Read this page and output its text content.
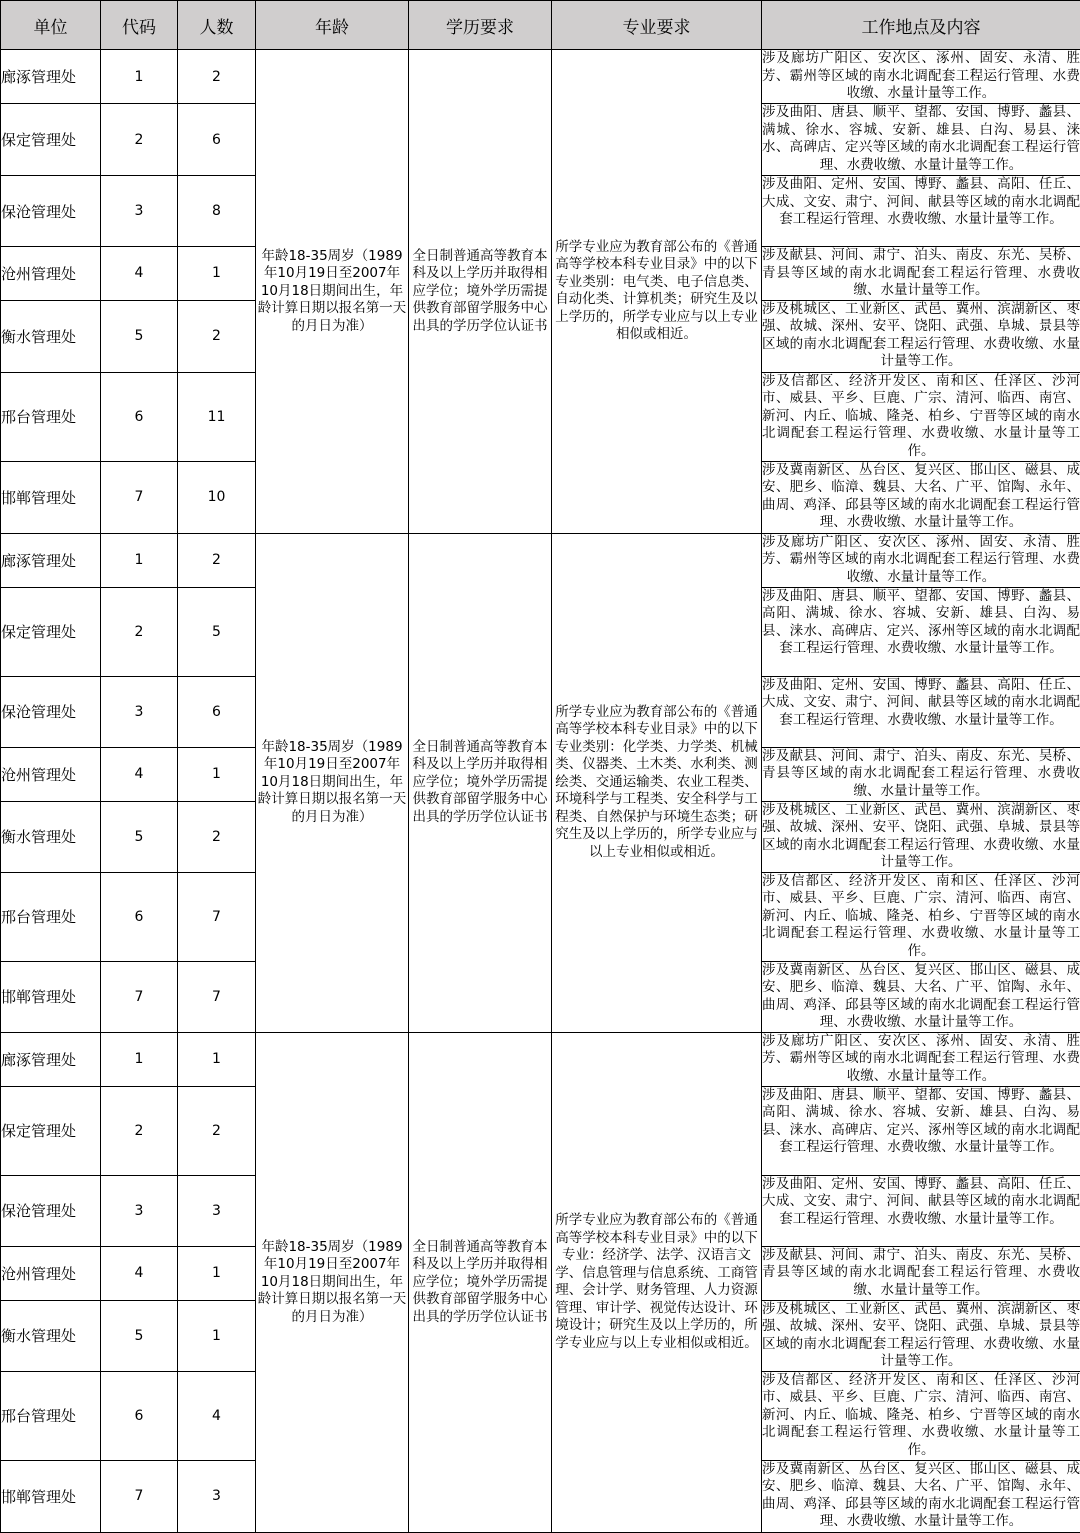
单位	代码	人数	年龄	学历要求	专业要求	工作地点及内容
廊涿管理处	1	2	年龄18-35周岁（1989年10月19日至2007年10月18日期间出生，年龄计算日期以报名第一天的月日为准）	全日制普通高等教育本科及以上学历并取得相应学位；境外学历需提供教育部留学服务中心出具的学历学位认证书	所学专业应为教育部公布的《普通高等学校本科专业目录》中的以下专业类别：电气类、电子信息类、自动化类、计算机类；研究生及以上学历的，所学专业应与以上专业相似或相近。	涉及廊坊广阳区、安次区、涿州、固安、永清、胜芳、霸州等区域的南水北调配套工程运行管理、水费收缴、水量计量等工作。
保定管理处	2	6				涉及曲阳、唐县、顺平、望都、安国、博野、蠡县、满城、徐水、容城、安新、雄县、白沟、易县、涞水、高碑店、定兴等区域的南水北调配套工程运行管理、水费收缴、水量计量等工作。
保沧管理处	3	8				涉及曲阳、定州、安国、博野、蠡县、高阳、任丘、大成、文安、肃宁、河间、献县等区域的南水北调配套工程运行管理、水费收缴、水量计量等工作。
沧州管理处	4	1				涉及献县、河间、肃宁、泊头、南皮、东光、吴桥、青县等区域的南水北调配套工程运行管理、水费收缴、水量计量等工作。
衡水管理处	5	2				涉及桃城区、工业新区、武邑、冀州、滨湖新区、枣强、故城、深州、安平、饶阳、武强、阜城、景县等区域的南水北调配套工程运行管理、水费收缴、水量计量等工作。
邢台管理处	6	11				涉及信都区、经济开发区、南和区、任泽区、沙河市、威县、平乡、巨鹿、广宗、清河、临西、南宫、新河、内丘、临城、隆尧、柏乡、宁晋等区域的南水北调配套工程运行管理、水费收缴、水量计量等工作。
邯郸管理处	7	10				涉及冀南新区、丛台区、复兴区、邯山区、磁县、成安、肥乡、临漳、魏县、大名、广平、馆陶、永年、曲周、鸡泽、邱县等区域的南水北调配套工程运行管理、水费收缴、水量计量等工作。
廊涿管理处	1	2	年龄18-35周岁（1989年10月19日至2007年10月18日期间出生，年龄计算日期以报名第一天的月日为准）	全日制普通高等教育本科及以上学历并取得相应学位；境外学历需提供教育部留学服务中心出具的学历学位认证书	所学专业应为教育部公布的《普通高等学校本科专业目录》中的以下专业类别：化学类、力学类、机械类、仪器类、土木类、水利类、测绘类、交通运输类、农业工程类、环境科学与工程类、安全科学与工程类、自然保护与环境生态类；研究生及以上学历的，所学专业应与以上专业相似或相近。	涉及廊坊广阳区、安次区、涿州、固安、永清、胜芳、霸州等区域的南水北调配套工程运行管理、水费收缴、水量计量等工作。
保定管理处	2	5				涉及曲阳、唐县、顺平、望都、安国、博野、蠡县、高阳、满城、徐水、容城、安新、雄县、白沟、易县、涞水、高碑店、定兴、涿州等区域的南水北调配套工程运行管理、水费收缴、水量计量等工作。
保沧管理处	3	6				涉及曲阳、定州、安国、博野、蠡县、高阳、任丘、大成、文安、肃宁、河间、献县等区域的南水北调配套工程运行管理、水费收缴、水量计量等工作。
沧州管理处	4	1				涉及献县、河间、肃宁、泊头、南皮、东光、吴桥、青县等区域的南水北调配套工程运行管理、水费收缴、水量计量等工作。
衡水管理处	5	2				涉及桃城区、工业新区、武邑、冀州、滨湖新区、枣强、故城、深州、安平、饶阳、武强、阜城、景县等区域的南水北调配套工程运行管理、水费收缴、水量计量等工作。
邢台管理处	6	7				涉及信都区、经济开发区、南和区、任泽区、沙河市、威县、平乡、巨鹿、广宗、清河、临西、南宫、新河、内丘、临城、隆尧、柏乡、宁晋等区域的南水北调配套工程运行管理、水费收缴、水量计量等工作。
邯郸管理处	7	7				涉及冀南新区、丛台区、复兴区、邯山区、磁县、成安、肥乡、临漳、魏县、大名、广平、馆陶、永年、曲周、鸡泽、邱县等区域的南水北调配套工程运行管理、水费收缴、水量计量等工作。
廊涿管理处	1	1	年龄18-35周岁（1989年10月19日至2007年10月18日期间出生，年龄计算日期以报名第一天的月日为准）	全日制普通高等教育本科及以上学历并取得相应学位；境外学历需提供教育部留学服务中心出具的学历学位认证书	所学专业应为教育部公布的《普通高等学校本科专业目录》中的以下专业：经济学、法学、汉语言文学、信息管理与信息系统、工商管理、会计学、财务管理、人力资源管理、审计学、视觉传达设计、环境设计；研究生及以上学历的，所学专业应与以上专业相似或相近。	涉及廊坊广阳区、安次区、涿州、固安、永清、胜芳、霸州等区域的南水北调配套工程运行管理、水费收缴、水量计量等工作。
保定管理处	2	2				涉及曲阳、唐县、顺平、望都、安国、博野、蠡县、高阳、满城、徐水、容城、安新、雄县、白沟、易县、涞水、高碑店、定兴、涿州等区域的南水北调配套工程运行管理、水费收缴、水量计量等工作。
保沧管理处	3	3				涉及曲阳、定州、安国、博野、蠡县、高阳、任丘、大成、文安、肃宁、河间、献县等区域的南水北调配套工程运行管理、水费收缴、水量计量等工作。
沧州管理处	4	1				涉及献县、河间、肃宁、泊头、南皮、东光、吴桥、青县等区域的南水北调配套工程运行管理、水费收缴、水量计量等工作。
衡水管理处	5	1				涉及桃城区、工业新区、武邑、冀州、滨湖新区、枣强、故城、深州、安平、饶阳、武强、阜城、景县等区域的南水北调配套工程运行管理、水费收缴、水量计量等工作。
邢台管理处	6	4				涉及信都区、经济开发区、南和区、任泽区、沙河市、威县、平乡、巨鹿、广宗、清河、临西、南宫、新河、内丘、临城、隆尧、柏乡、宁晋等区域的南水北调配套工程运行管理、水费收缴、水量计量等工作。
邯郸管理处	7	3				涉及冀南新区、丛台区、复兴区、邯山区、磁县、成安、肥乡、临漳、魏县、大名、广平、馆陶、永年、曲周、鸡泽、邱县等区域的南水北调配套工程运行管理、水费收缴、水量计量等工作。
